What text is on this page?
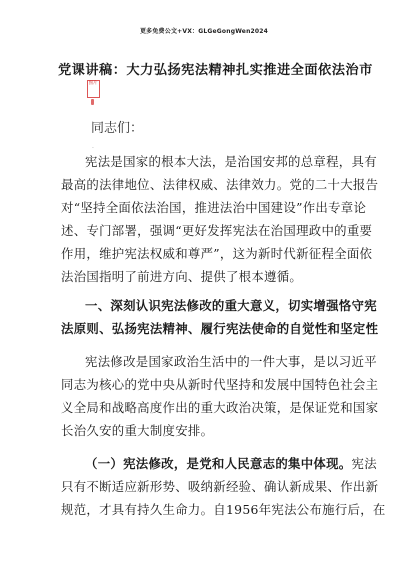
更多免费公文+VX：GLGeGongWen2024
党课讲稿：大力弘扬宪法精神扎实推进全面依法治市
图片
同志们：
·
宪法是国家的根本大法，是治国安邦的总章程，具有
最高的法律地位、法律权威、法律效力。党的二十大报告
对“坚持全面依法治国，推进法治中国建设”作出专章论
述、专门部署，强调“更好发挥宪法在治国理政中的重要
作用，维护宪法权威和尊严”，这为新时代新征程全面依
法治国指明了前进方向、提供了根本遵循。
一、深刻认识宪法修改的重大意义，切实增强恪守宪
法原则、弘扬宪法精神、履行宪法使命的自觉性和坚定性
宪法修改是国家政治生活中的一件大事，是以习近平
同志为核心的党中央从新时代坚持和发展中国特色社会主
义全局和战略高度作出的重大政治决策，是保证党和国家
长治久安的重大制度安排。
（一）宪法修改，是党和人民意志的集中体现。宪法
只有不断适应新形势、吸纳新经验、确认新成果、作出新
规范，才具有持久生命力。自1956年宪法公布施行后，在
